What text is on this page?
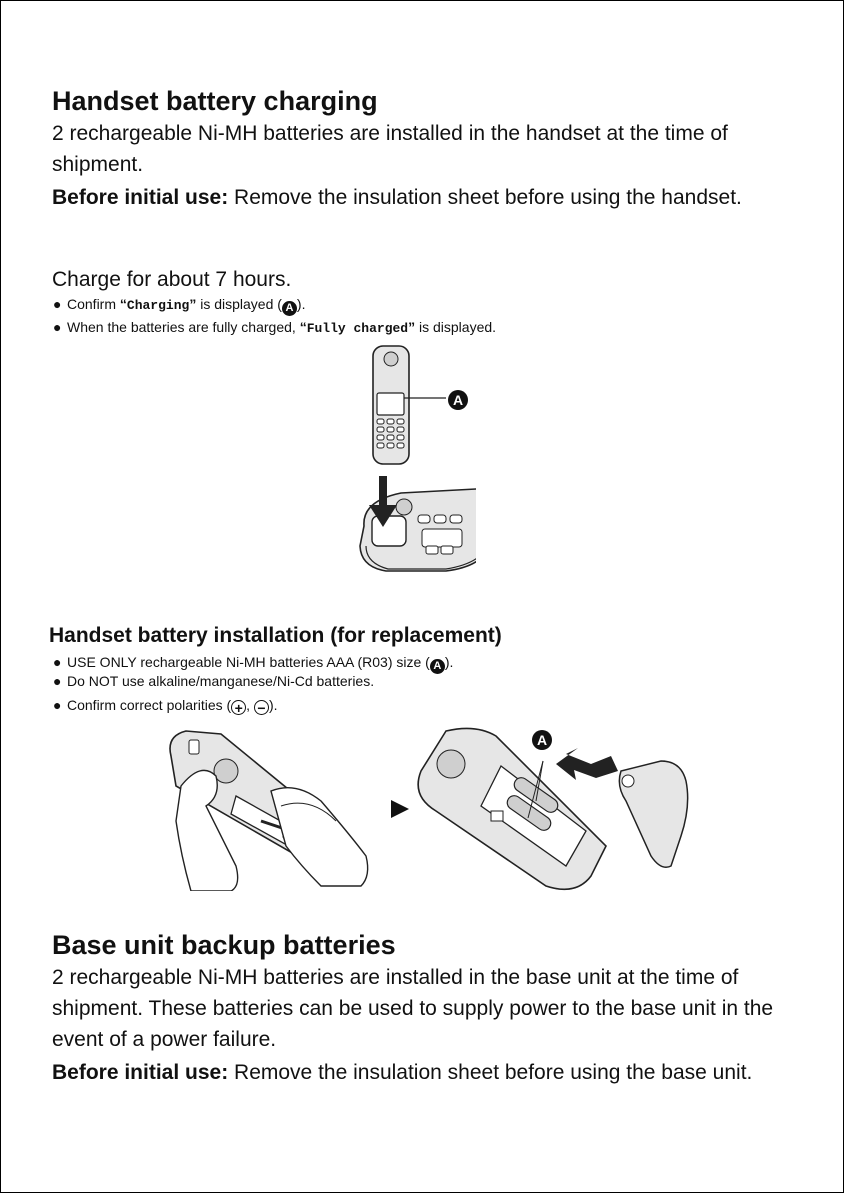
Handset battery charging
2 rechargeable Ni-MH batteries are installed in the handset at the time of shipment.
Before initial use: Remove the insulation sheet before using the handset.
Charge for about 7 hours.
● Confirm “Charging” is displayed ( A ).
● When the batteries are fully charged, “Fully charged” is displayed.
A
Handset battery installation (for replacement)
● USE ONLY rechargeable Ni-MH batteries AAA (R03) size ( A ).
● Do NOT use alkaline/manganese/Ni-Cd batteries.
● Confirm correct polarities ( + , − ).
A
Base unit backup batteries
2 rechargeable Ni-MH batteries are installed in the base unit at the time of shipment. These batteries can be used to supply power to the base unit in the event of a power failure.
Before initial use: Remove the insulation sheet before using the base unit.
